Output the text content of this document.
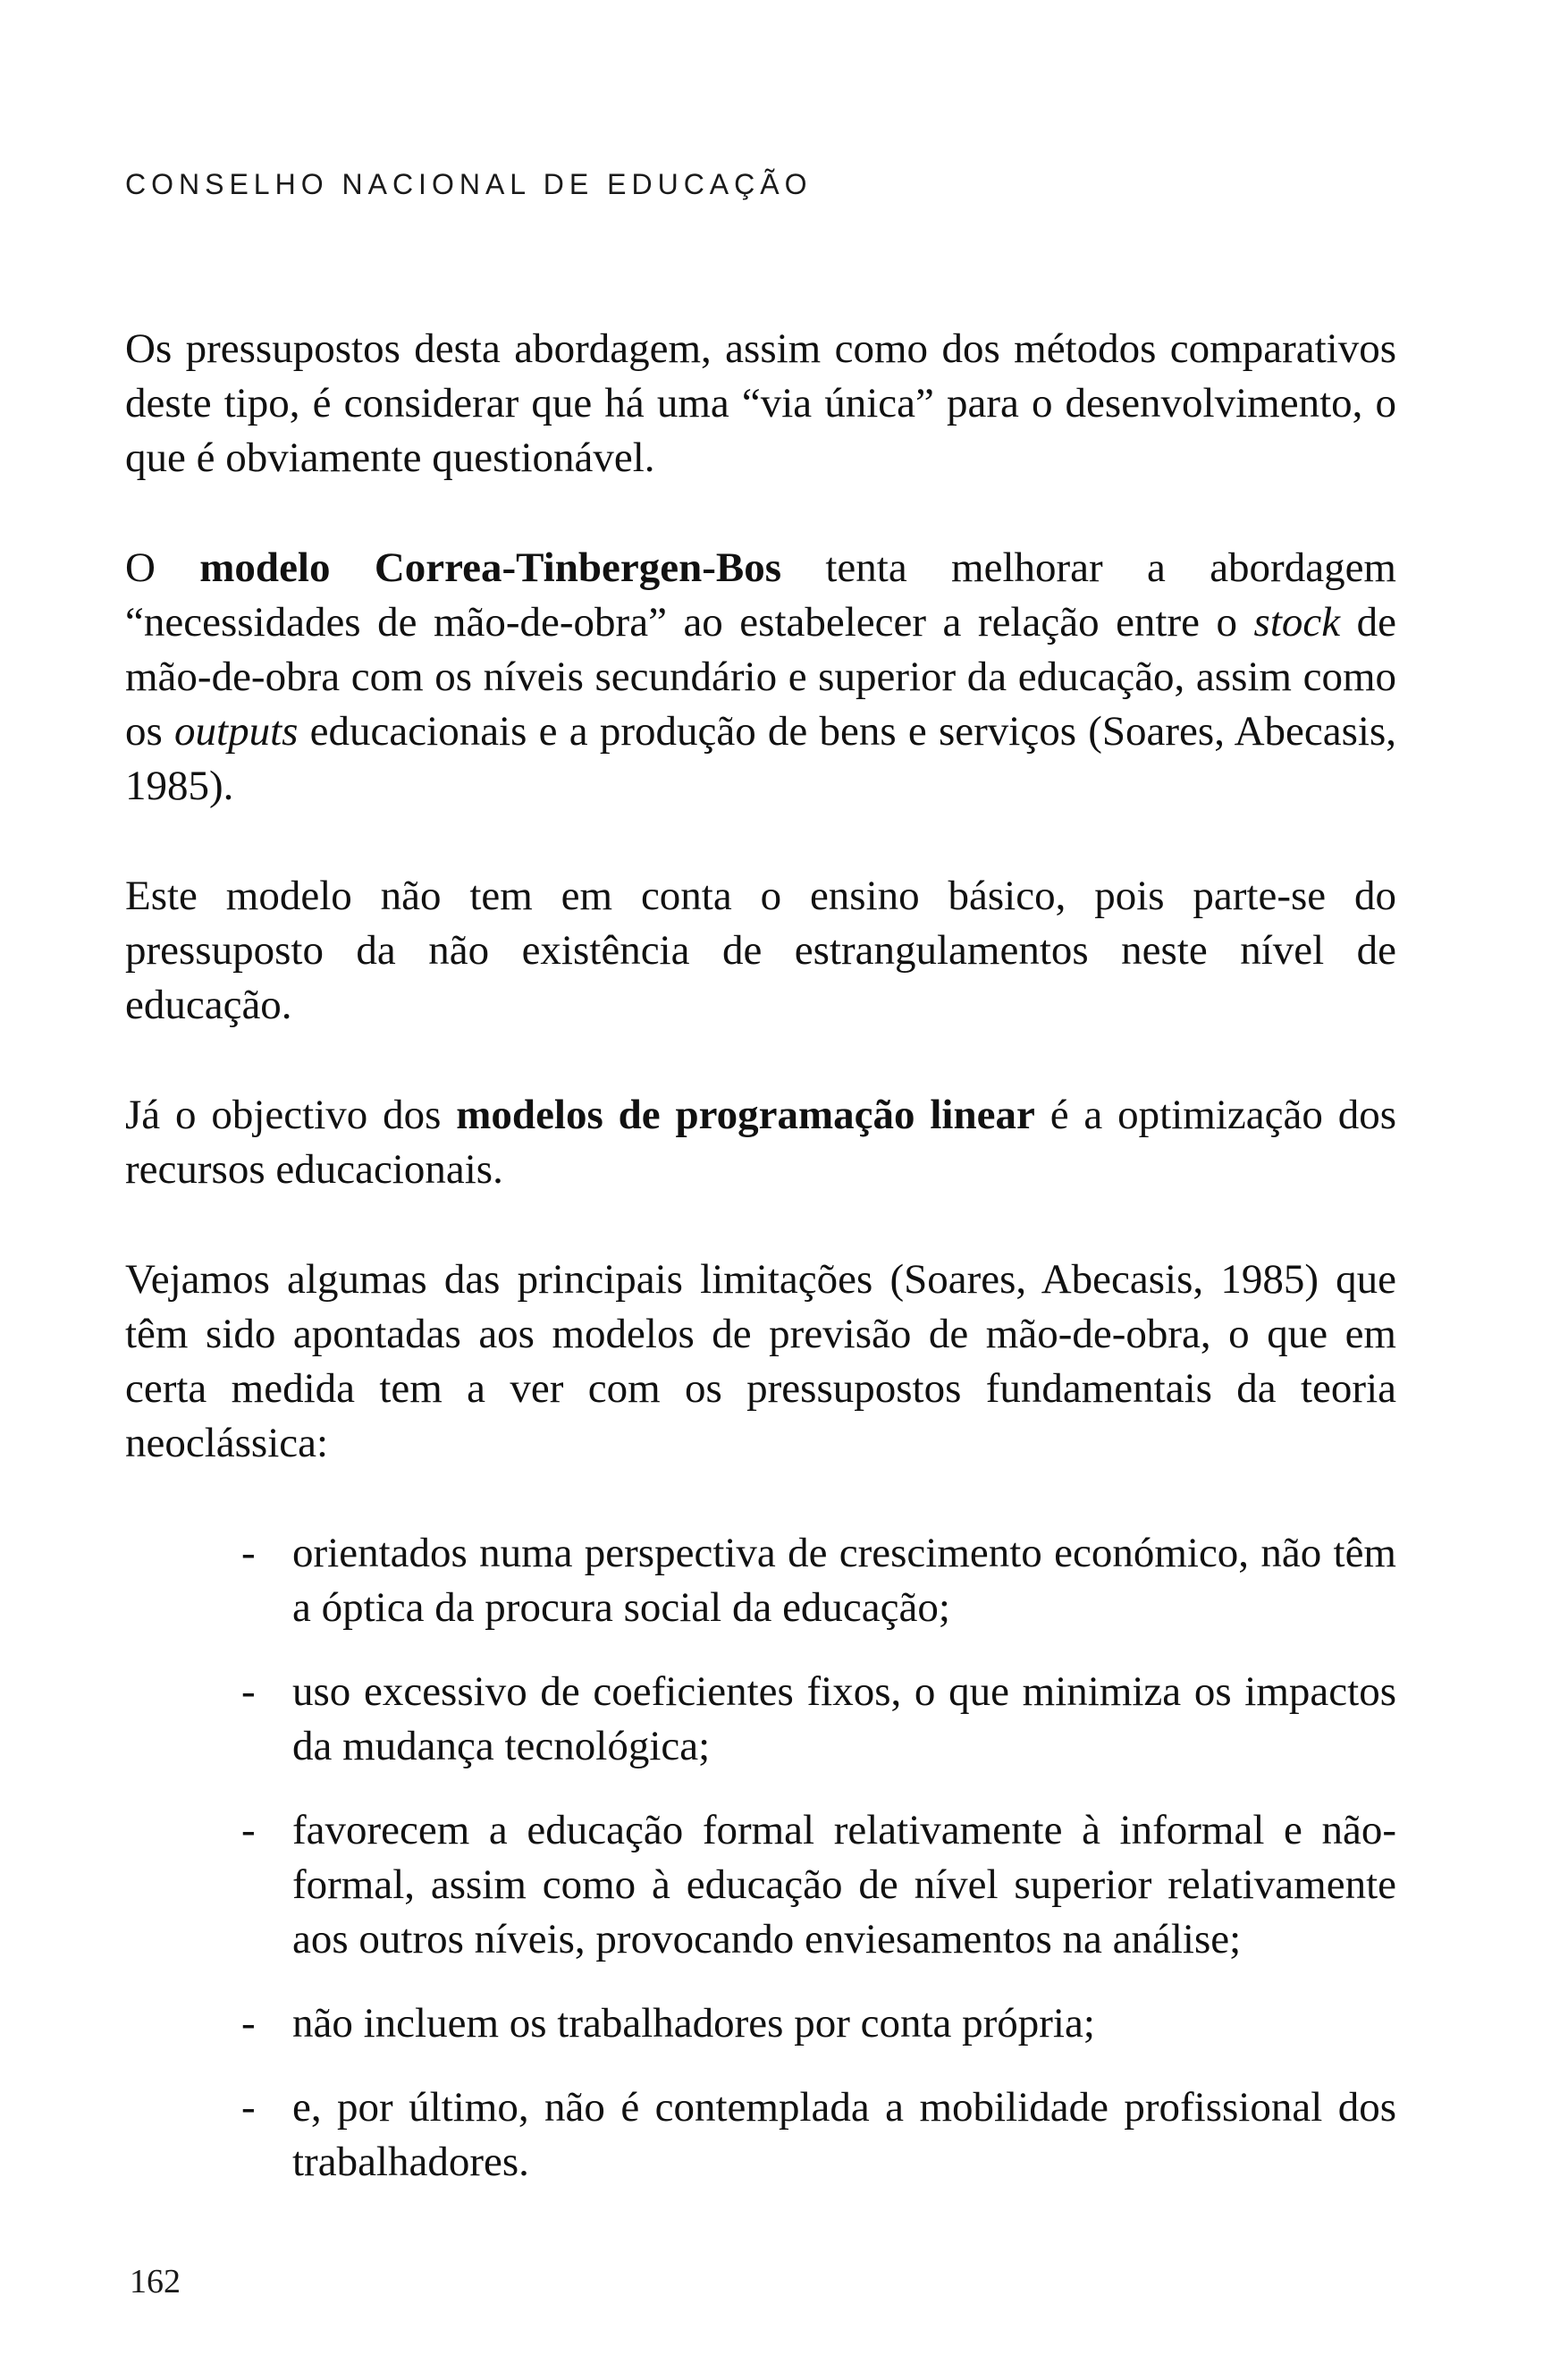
CONSELHO NACIONAL DE EDUCAÇÃO

Os pressupostos desta abordagem, assim como dos métodos comparativos deste tipo, é considerar que há uma “via única” para o desenvolvimento, o que é obviamente questionável.

O modelo Correa-Tinbergen-Bos tenta melhorar a abordagem “necessidades de mão-de-obra” ao estabelecer a relação entre o stock de mão-de-obra com os níveis secundário e superior da educação, assim como os outputs educacionais e a produção de bens e serviços (Soares, Abecasis, 1985).

Este modelo não tem em conta o ensino básico, pois parte-se do pressuposto da não existência de estrangulamentos neste nível de educação.

Já o objectivo dos modelos de programação linear é a optimização dos recursos educacionais.

Vejamos algumas das principais limitações (Soares, Abecasis, 1985) que têm sido apontadas aos modelos de previsão de mão-de-obra, o que em certa medida tem a ver com os pressupostos fundamentais da teoria neoclássica:

- orientados numa perspectiva de crescimento económico, não têm a óptica da procura social da educação;
- uso excessivo de coeficientes fixos, o que minimiza os impactos da mudança tecnológica;
- favorecem a educação formal relativamente à informal e não-formal, assim como à educação de nível superior relativamente aos outros níveis, provocando enviesamentos na análise;
- não incluem os trabalhadores por conta própria;
- e, por último, não é contemplada a mobilidade profissional dos trabalhadores.
162
